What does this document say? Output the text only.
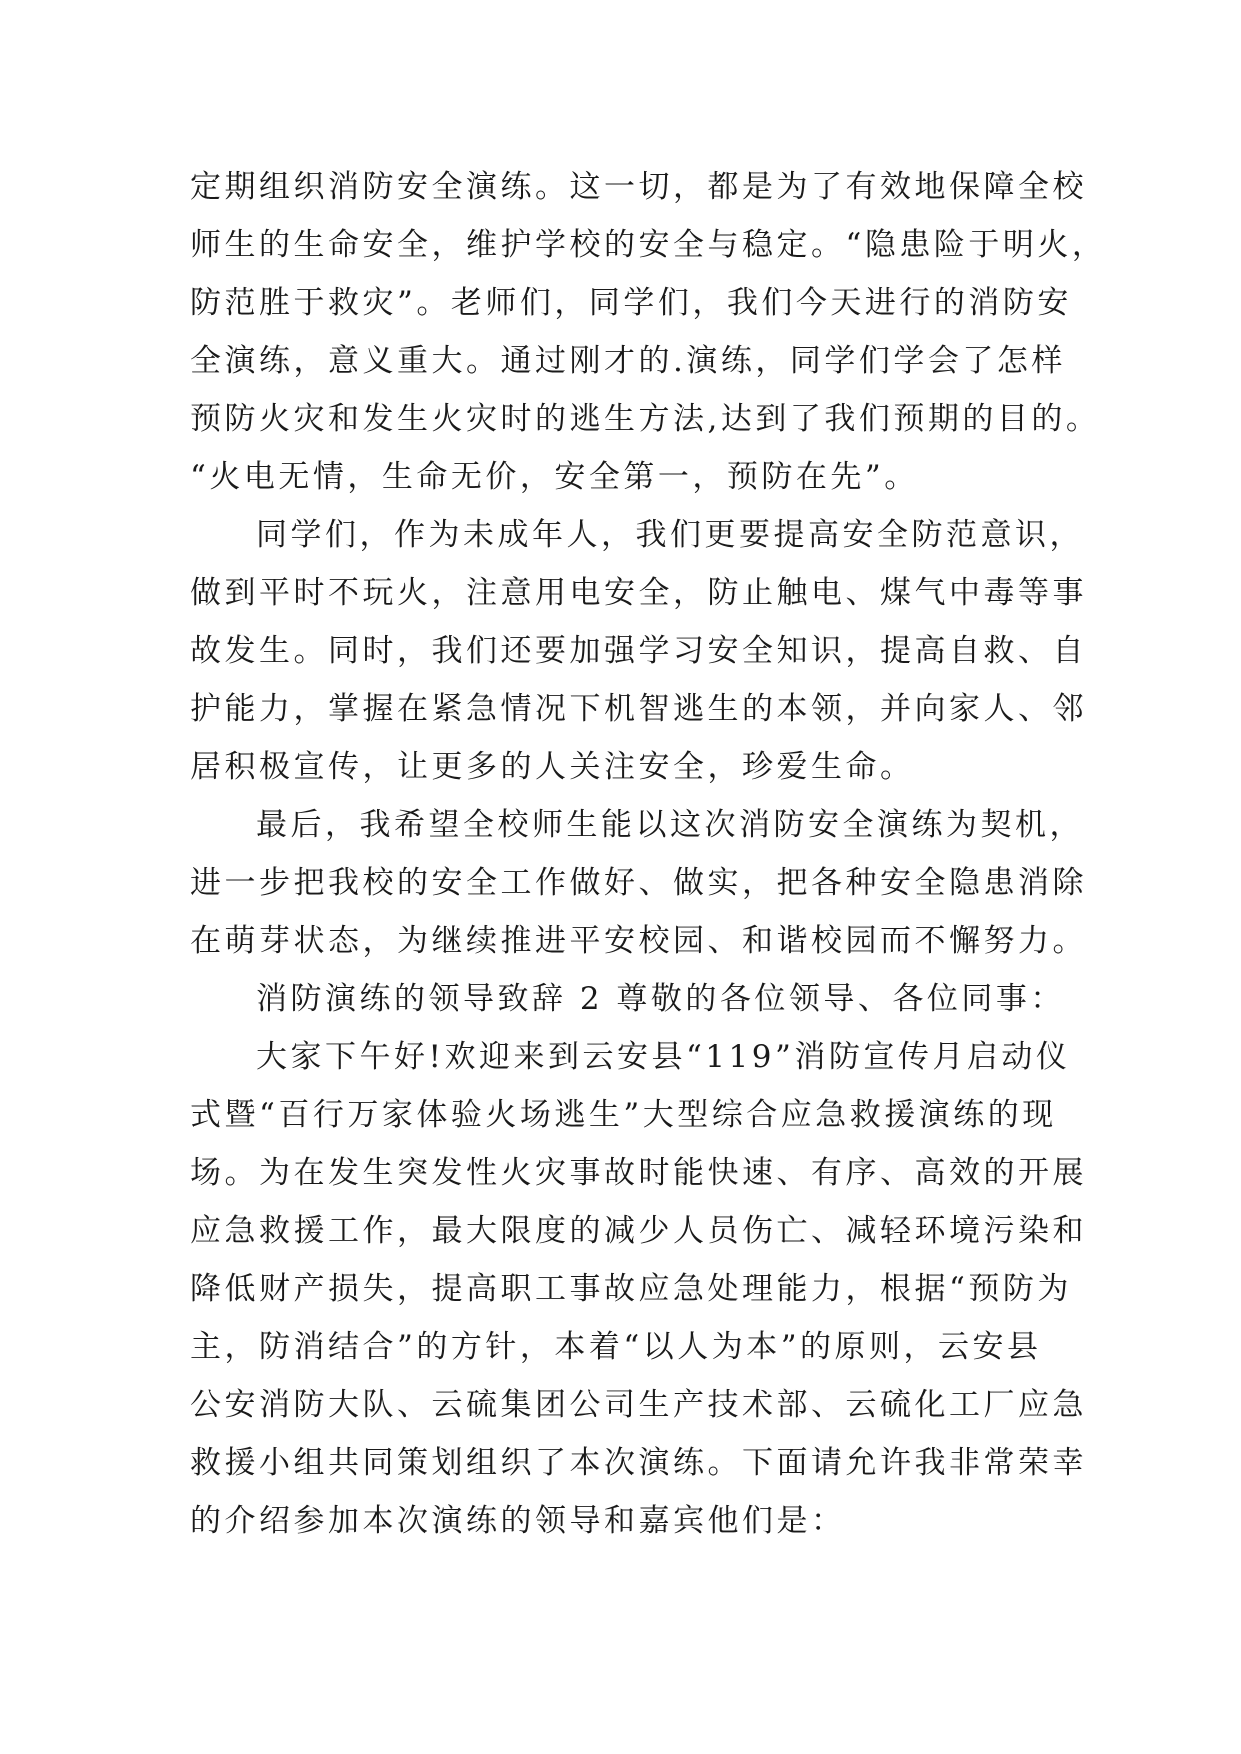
定期组织消防安全演练。这一切，都是为了有效地保障全校
师生的生命安全，维护学校的安全与稳定。“隐患险于明火，
防范胜于救灾”。老师们，同学们，我们今天进行的消防安
全演练，意义重大。通过刚才的.演练，同学们学会了怎样
预防火灾和发生火灾时的逃生方法,达到了我们预期的目的。
“火电无情，生命无价，安全第一，预防在先”。
同学们，作为未成年人，我们更要提高安全防范意识，
做到平时不玩火，注意用电安全，防止触电、煤气中毒等事
故发生。同时，我们还要加强学习安全知识，提高自救、自
护能力，掌握在紧急情况下机智逃生的本领，并向家人、邻
居积极宣传，让更多的人关注安全，珍爱生命。
最后，我希望全校师生能以这次消防安全演练为契机，
进一步把我校的安全工作做好、做实，把各种安全隐患消除
在萌芽状态，为继续推进平安校园、和谐校园而不懈努力。
消防演练的领导致辞 2 尊敬的各位领导、各位同事：
大家下午好!欢迎来到云安县“119”消防宣传月启动仪
式暨“百行万家体验火场逃生”大型综合应急救援演练的现
场。为在发生突发性火灾事故时能快速、有序、高效的开展
应急救援工作，最大限度的减少人员伤亡、减轻环境污染和
降低财产损失，提高职工事故应急处理能力，根据“预防为
主，防消结合”的方针，本着“以人为本”的原则，云安县
公安消防大队、云硫集团公司生产技术部、云硫化工厂应急
救援小组共同策划组织了本次演练。下面请允许我非常荣幸
的介绍参加本次演练的领导和嘉宾他们是：
